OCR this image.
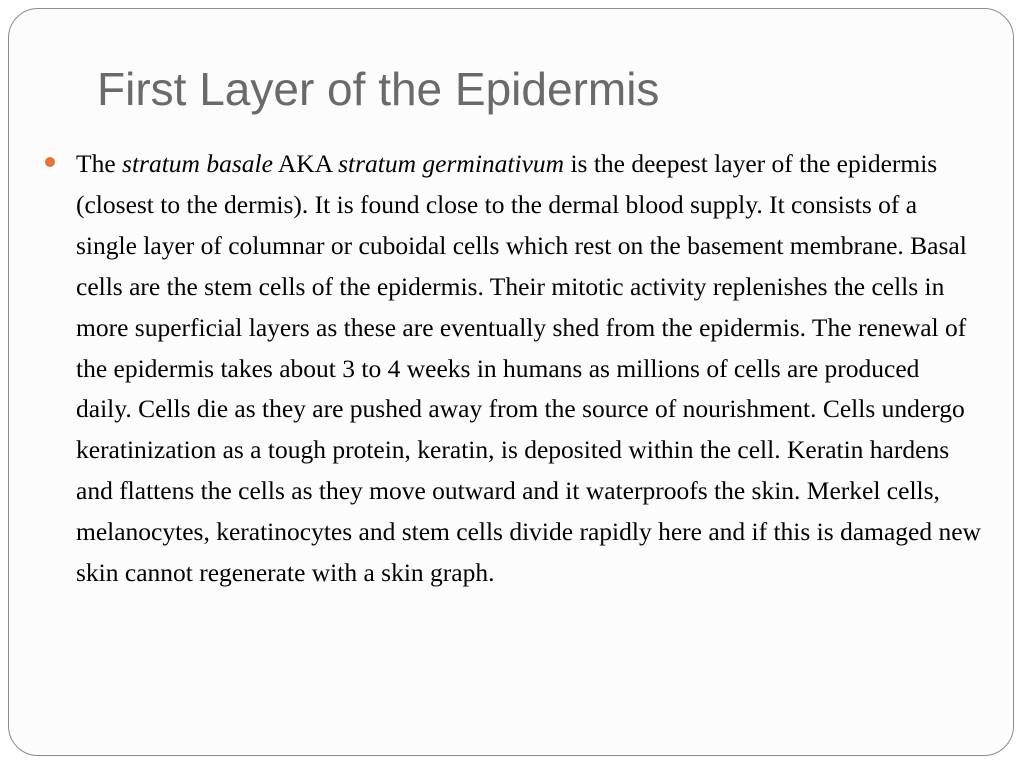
First Layer of the Epidermis
The stratum basale AKA stratum germinativum is the deepest layer of the epidermis (closest to the dermis). It is found close to the dermal blood supply. It consists of a single layer of columnar or cuboidal cells which rest on the basement membrane. Basal cells are the stem cells of the epidermis. Their mitotic activity replenishes the cells in more superficial layers as these are eventually shed from the epidermis. The renewal of the epidermis takes about 3 to 4 weeks in humans as millions of cells are produced daily. Cells die as they are pushed away from the source of nourishment. Cells undergo keratinization as a tough protein, keratin, is deposited within the cell. Keratin hardens and flattens the cells as they move outward and it waterproofs the skin. Merkel cells, melanocytes, keratinocytes and stem cells divide rapidly here and if this is damaged new skin cannot regenerate with a skin graph.
